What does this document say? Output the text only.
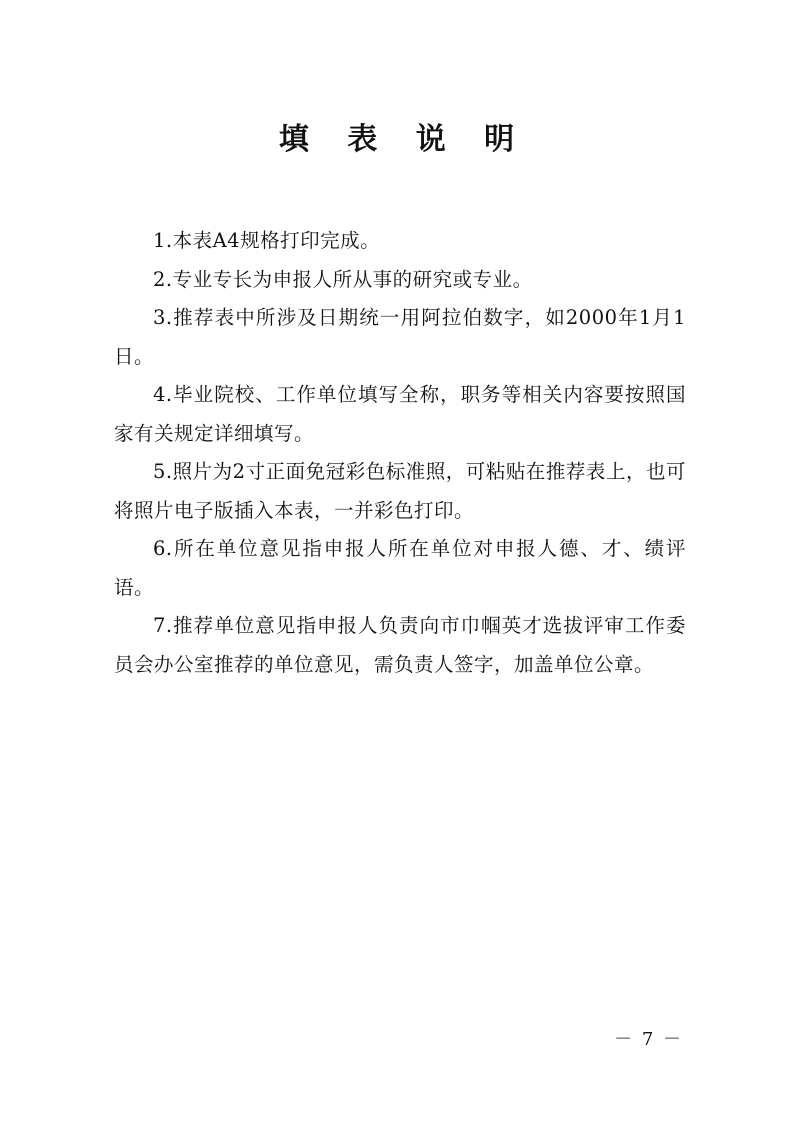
填 表 说 明

1.本表A4规格打印完成。

2.专业专长为申报人所从事的研究或专业。

3.推荐表中所涉及日期统一用阿拉伯数字，如2000年1月1日。

4.毕业院校、工作单位填写全称，职务等相关内容要按照国家有关规定详细填写。

5.照片为2寸正面免冠彩色标准照，可粘贴在推荐表上，也可将照片电子版插入本表，一并彩色打印。

6.所在单位意见指申报人所在单位对申报人德、才、绩评语。

7.推荐单位意见指申报人负责向市巾帼英才选拔评审工作委员会办公室推荐的单位意见，需负责人签字，加盖单位公章。

－ 7 －
